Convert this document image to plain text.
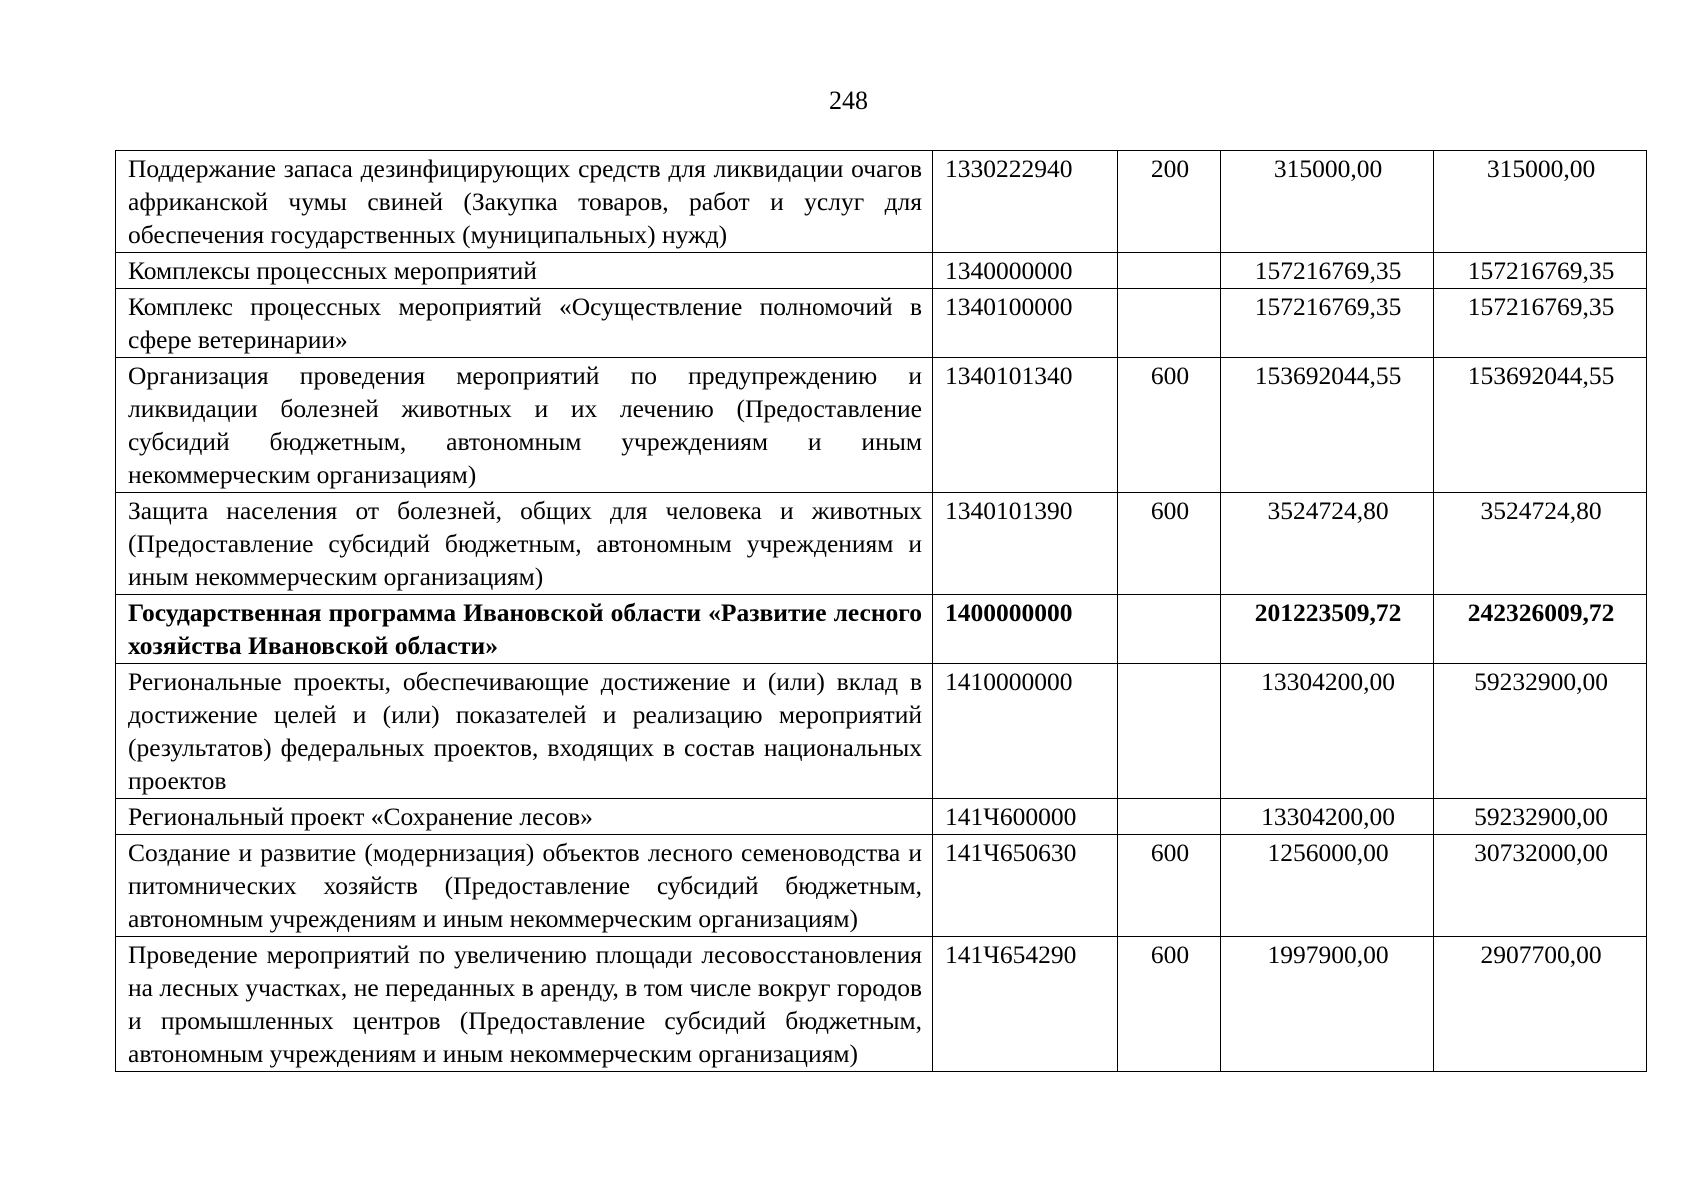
248
Поддержание запаса дезинфицирующих средств для ликвидации очагов африканской чумы свиней (Закупка товаров, работ и услуг для обеспечения государственных (муниципальных) нужд)	1330222940	200	315000,00	315000,00
Комплексы процессных мероприятий	1340000000		157216769,35	157216769,35
Комплекс процессных мероприятий «Осуществление полномочий в сфере ветеринарии»	1340100000		157216769,35	157216769,35
Организация проведения мероприятий по предупреждению и ликвидации болезней животных и их лечению (Предоставление субсидий бюджетным, автономным учреждениям и иным некоммерческим организациям)	1340101340	600	153692044,55	153692044,55
Защита населения от болезней, общих для человека и животных (Предоставление субсидий бюджетным, автономным учреждениям и иным некоммерческим организациям)	1340101390	600	3524724,80	3524724,80
Государственная программа Ивановской области «Развитие лесного хозяйства Ивановской области»	1400000000		201223509,72	242326009,72
Региональные проекты, обеспечивающие достижение и (или) вклад в достижение целей и (или) показателей и реализацию мероприятий (результатов) федеральных проектов, входящих в состав национальных проектов	1410000000		13304200,00	59232900,00
Региональный проект «Сохранение лесов»	141Ч600000		13304200,00	59232900,00
Создание и развитие (модернизация) объектов лесного семеноводства и питомнических хозяйств (Предоставление субсидий бюджетным, автономным учреждениям и иным некоммерческим организациям)	141Ч650630	600	1256000,00	30732000,00
Проведение мероприятий по увеличению площади лесовосстановления на лесных участках, не переданных в аренду, в том числе вокруг городов и промышленных центров (Предоставление субсидий бюджетным, автономным учреждениям и иным некоммерческим организациям)	141Ч654290	600	1997900,00	2907700,00
